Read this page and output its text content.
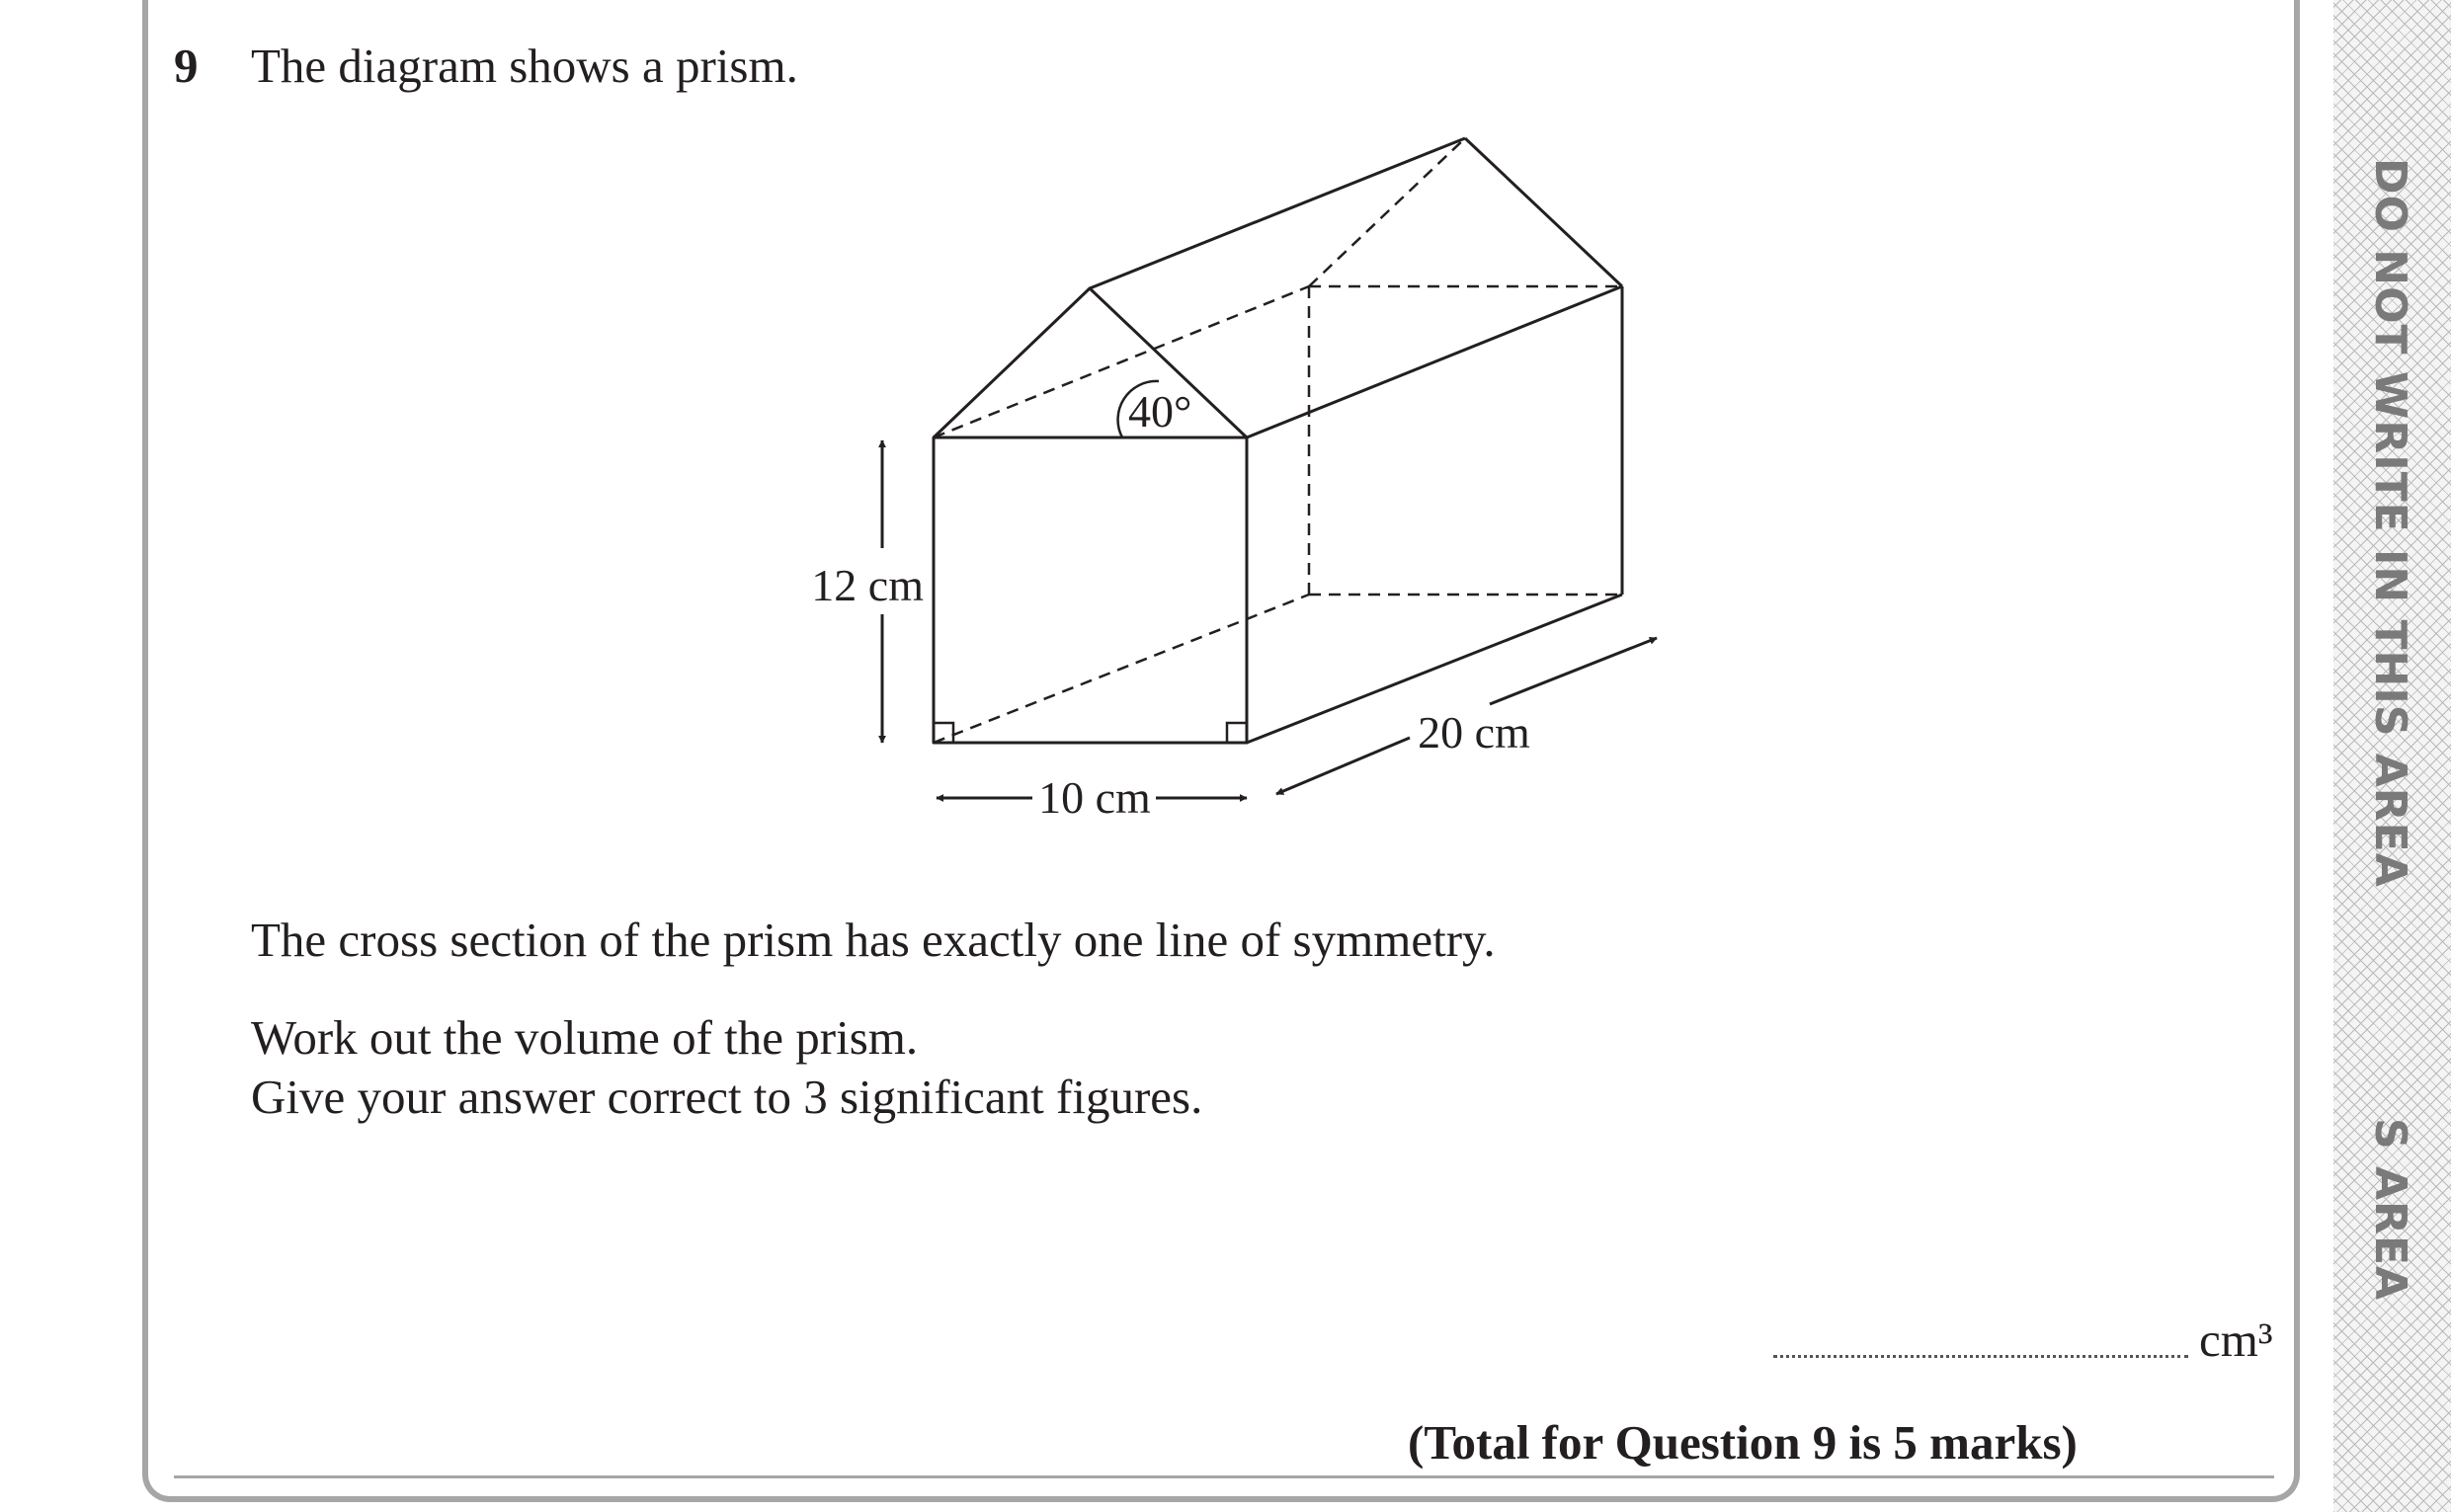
9 The diagram shows a prism.
40°
12 cm
10 cm
20 cm
The cross section of the prism has exactly one line of symmetry.
Work out the volume of the prism.
Give your answer correct to 3 significant figures.
cm³
(Total for Question 9 is 5 marks)
DO NOT WRITE IN THIS AREA
S AREA
